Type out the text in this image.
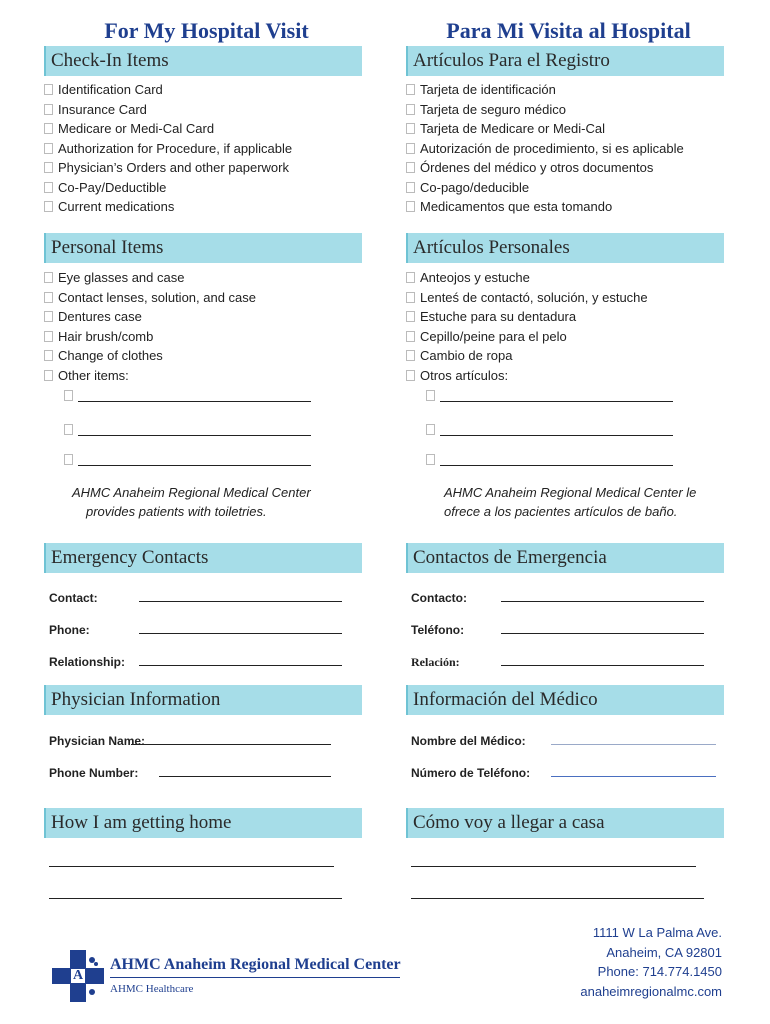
For My Hospital Visit
Check-In Items
Identification Card
Insurance Card
Medicare or Medi-Cal Card
Authorization for Procedure, if applicable
Physician’s Orders and other paperwork
Co-Pay/Deductible
Current medications
Personal Items
Eye glasses and case
Contact lenses, solution, and case
Dentures case
Hair brush/comb
Change of clothes
Other items:
AHMC Anaheim Regional Medical Center
provides patients with toiletries.
Emergency Contacts
Contact:
Phone:
Relationship:
Physician Information
Physician Name:
Phone Number:
How I am getting home
Para Mi Visita al Hospital
Artículos Para el Registro
Tarjeta de identificación
Tarjeta de seguro médico
Tarjeta de Medicare or Medi-Cal
Autorización de procedimiento, si es aplicable
Órdenes del médico y otros documentos
Co-pago/deducible
Medicamentos que esta tomando
Artículos Personales
Anteojos y estuche
Lenteś de contactó, solución, y estuche
Estuche para su dentadura
Cepillo/peine para el pelo
Cambio de ropa
Otros artículos:
AHMC Anaheim Regional Medical Center le
ofrece a los pacientes artículos de baño.
Contactos de Emergencia
Contacto:
Teléfono:
Relación:
Información del Médico
Nombre del Médico:
Número de Teléfono:
Cómo voy a llegar a casa
A
AHMC Anaheim Regional Medical Center
AHMC Healthcare
1111 W La Palma Ave.
Anaheim, CA 92801
Phone: 714.774.1450
anaheimregionalmc.com
